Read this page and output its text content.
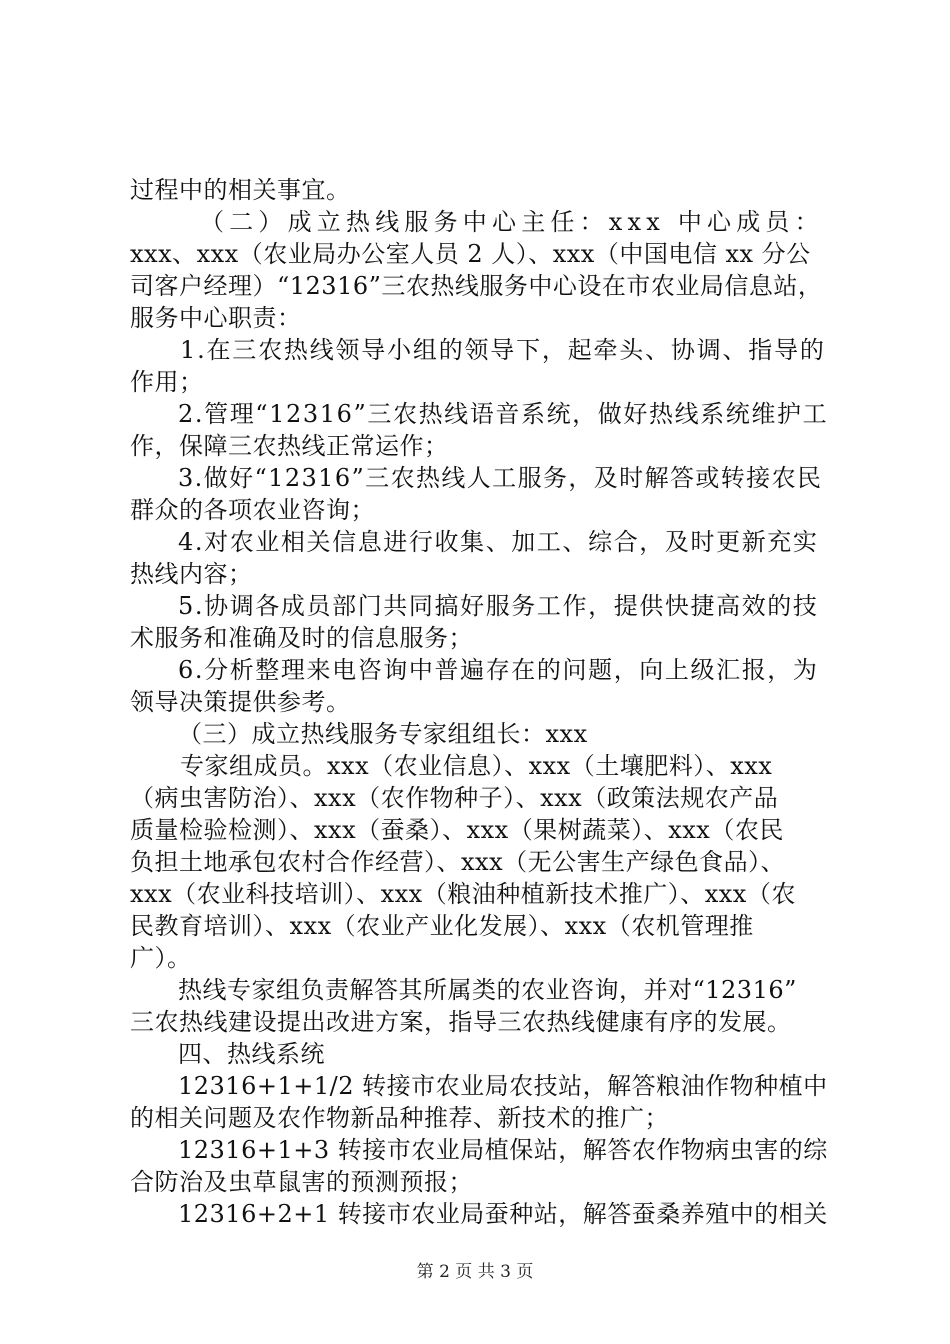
过程中的相关事宜。
（二）成立热线服务中心主任：xxx 中心成员：
xxx、xxx（农业局办公室人员 2 人）、xxx（中国电信 xx 分公
司客户经理）“12316”三农热线服务中心设在市农业局信息站，
服务中心职责：
1.在三农热线领导小组的领导下，起牵头、协调、指导的
作用；
2.管理“12316”三农热线语音系统，做好热线系统维护工
作，保障三农热线正常运作；
3.做好“12316”三农热线人工服务，及时解答或转接农民
群众的各项农业咨询；
4.对农业相关信息进行收集、加工、综合，及时更新充实
热线内容；
5.协调各成员部门共同搞好服务工作，提供快捷高效的技
术服务和准确及时的信息服务；
6.分析整理来电咨询中普遍存在的问题，向上级汇报，为
领导决策提供参考。
（三）成立热线服务专家组组长：xxx
专家组成员。xxx（农业信息）、xxx（土壤肥料）、xxx
（病虫害防治）、xxx（农作物种子）、xxx（政策法规农产品
质量检验检测）、xxx（蚕桑）、xxx（果树蔬菜）、xxx（农民
负担土地承包农村合作经营）、xxx（无公害生产绿色食品）、
xxx（农业科技培训）、xxx（粮油种植新技术推广）、xxx（农
民教育培训）、xxx（农业产业化发展）、xxx（农机管理推
广）。
热线专家组负责解答其所属类的农业咨询，并对“12316”
三农热线建设提出改进方案，指导三农热线健康有序的发展。
四、热线系统
12316+1+1/2 转接市农业局农技站，解答粮油作物种植中
的相关问题及农作物新品种推荐、新技术的推广；
12316+1+3 转接市农业局植保站，解答农作物病虫害的综
合防治及虫草鼠害的预测预报；
12316+2+1 转接市农业局蚕种站，解答蚕桑养殖中的相关
第 2 页 共 3 页
